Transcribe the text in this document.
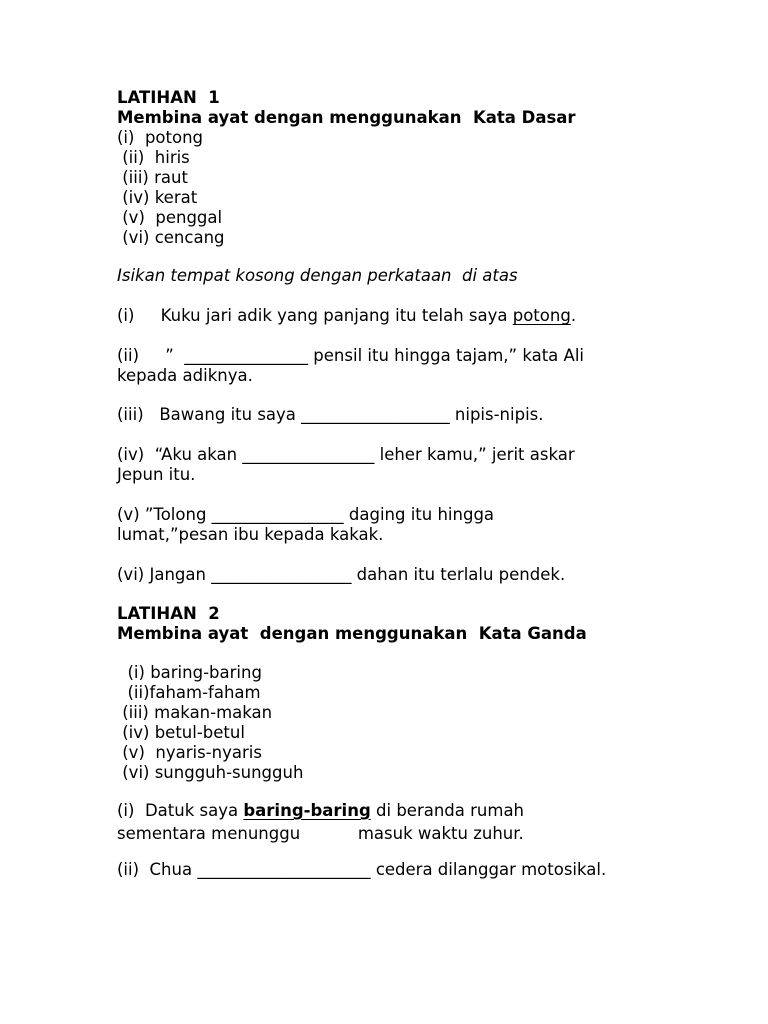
LATIHAN  1
Membina ayat dengan menggunakan  Kata Dasar
(i)  potong
(ii)  hiris
(iii) raut
(iv) kerat
(v)  penggal
(vi) cencang
Isikan tempat kosong dengan perkataan  di atas
(i)     Kuku jari adik yang panjang itu telah saya potong.
(ii)     ”  _______________ pensil itu hingga tajam,” kata Ali
kepada adiknya.
(iii)   Bawang itu saya __________________ nipis-nipis.
(iv)  “Aku akan ________________ leher kamu,” jerit askar
Jepun itu.
(v) ”Tolong ________________ daging itu hingga
lumat,”pesan ibu kepada kakak.
(vi) Jangan _________________ dahan itu terlalu pendek.
LATIHAN  2
Membina ayat  dengan menggunakan  Kata Ganda
(i) baring-baring
(ii)faham-faham
(iii) makan-makan
(iv) betul-betul
(v)  nyaris-nyaris
(vi) sungguh-sungguh
(i)  Datuk saya baring-baring di beranda rumah
sementara menunggu           masuk waktu zuhur.
(ii)  Chua _____________________ cedera dilanggar motosikal.
